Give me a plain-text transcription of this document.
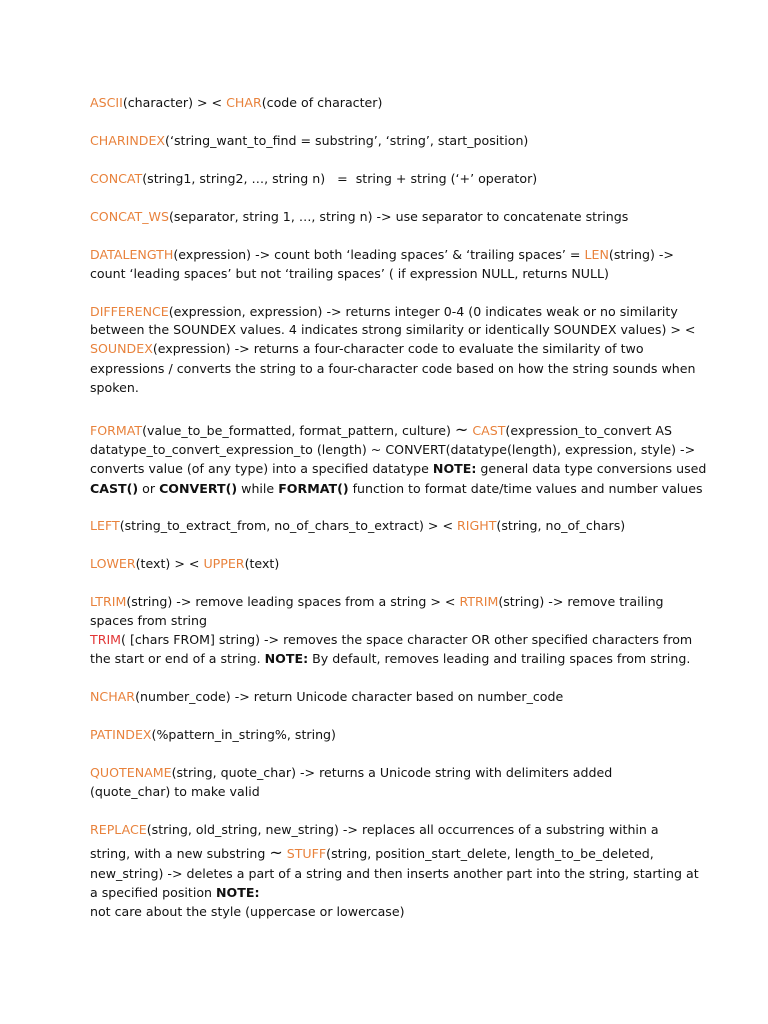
ASCII(character) > < CHAR(code of character)

CHARINDEX(‘string_want_to_find = substring’, ‘string’, start_position)

CONCAT(string1, string2, …, string n)   =  string + string (‘+’ operator)

CONCAT_WS(separator, string 1, …, string n) -> use separator to concatenate strings

DATALENGTH(expression) -> count both ‘leading spaces’ & ‘trailing spaces’ = LEN(string) ->

count ‘leading spaces’ but not ‘trailing spaces’ ( if expression NULL, returns NULL)

DIFFERENCE(expression, expression) -> returns integer 0-4 (0 indicates weak or no similarity

between the SOUNDEX values. 4 indicates strong similarity or identically SOUNDEX values) > <

SOUNDEX(expression) -> returns a four-character code to evaluate the similarity of two

expressions / converts the string to a four-character code based on how the string sounds when

spoken.

FORMAT(value_to_be_formatted, format_pattern, culture) ~ CAST(expression_to_convert AS

datatype_to_convert_expression_to (length) ~ CONVERT(datatype(length), expression, style) ->

converts value (of any type) into a specified datatype NOTE: general data type conversions used

CAST() or CONVERT() while FORMAT() function to format date/time values and number values

LEFT(string_to_extract_from, no_of_chars_to_extract) > < RIGHT(string, no_of_chars)

LOWER(text) > < UPPER(text)

LTRIM(string) -> remove leading spaces from a string > < RTRIM(string) -> remove trailing

spaces from string

TRIM( [chars FROM] string) -> removes the space character OR other specified characters from

the start or end of a string. NOTE: By default, removes leading and trailing spaces from string.

NCHAR(number_code) -> return Unicode character based on number_code

PATINDEX(%pattern_in_string%, string)

QUOTENAME(string, quote_char) -> returns a Unicode string with delimiters added

(quote_char) to make valid

REPLACE(string, old_string, new_string) -> replaces all occurrences of a substring within a

string, with a new substring ~ STUFF(string, position_start_delete, length_to_be_deleted,

new_string) -> deletes a part of a string and then inserts another part into the string, starting at

a specified position NOTE:

not care about the style (uppercase or lowercase)
